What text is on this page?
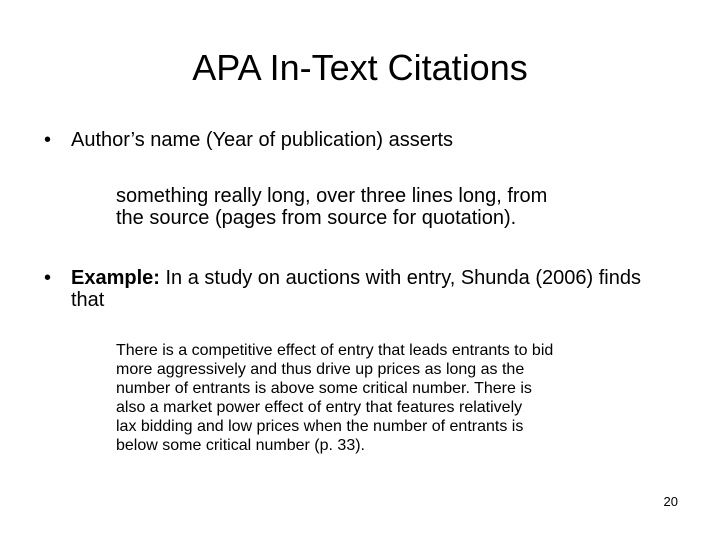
APA In-Text Citations
• Author’s name (Year of publication) asserts
something really long, over three lines long, from
the source (pages from source for quotation).
• Example: In a study on auctions with entry, Shunda (2006) finds that
There is a competitive effect of entry that leads entrants to bid
more aggressively and thus drive up prices as long as the
number of entrants is above some critical number. There is
also a market power effect of entry that features relatively
lax bidding and low prices when the number of entrants is
below some critical number (p. 33).
20
